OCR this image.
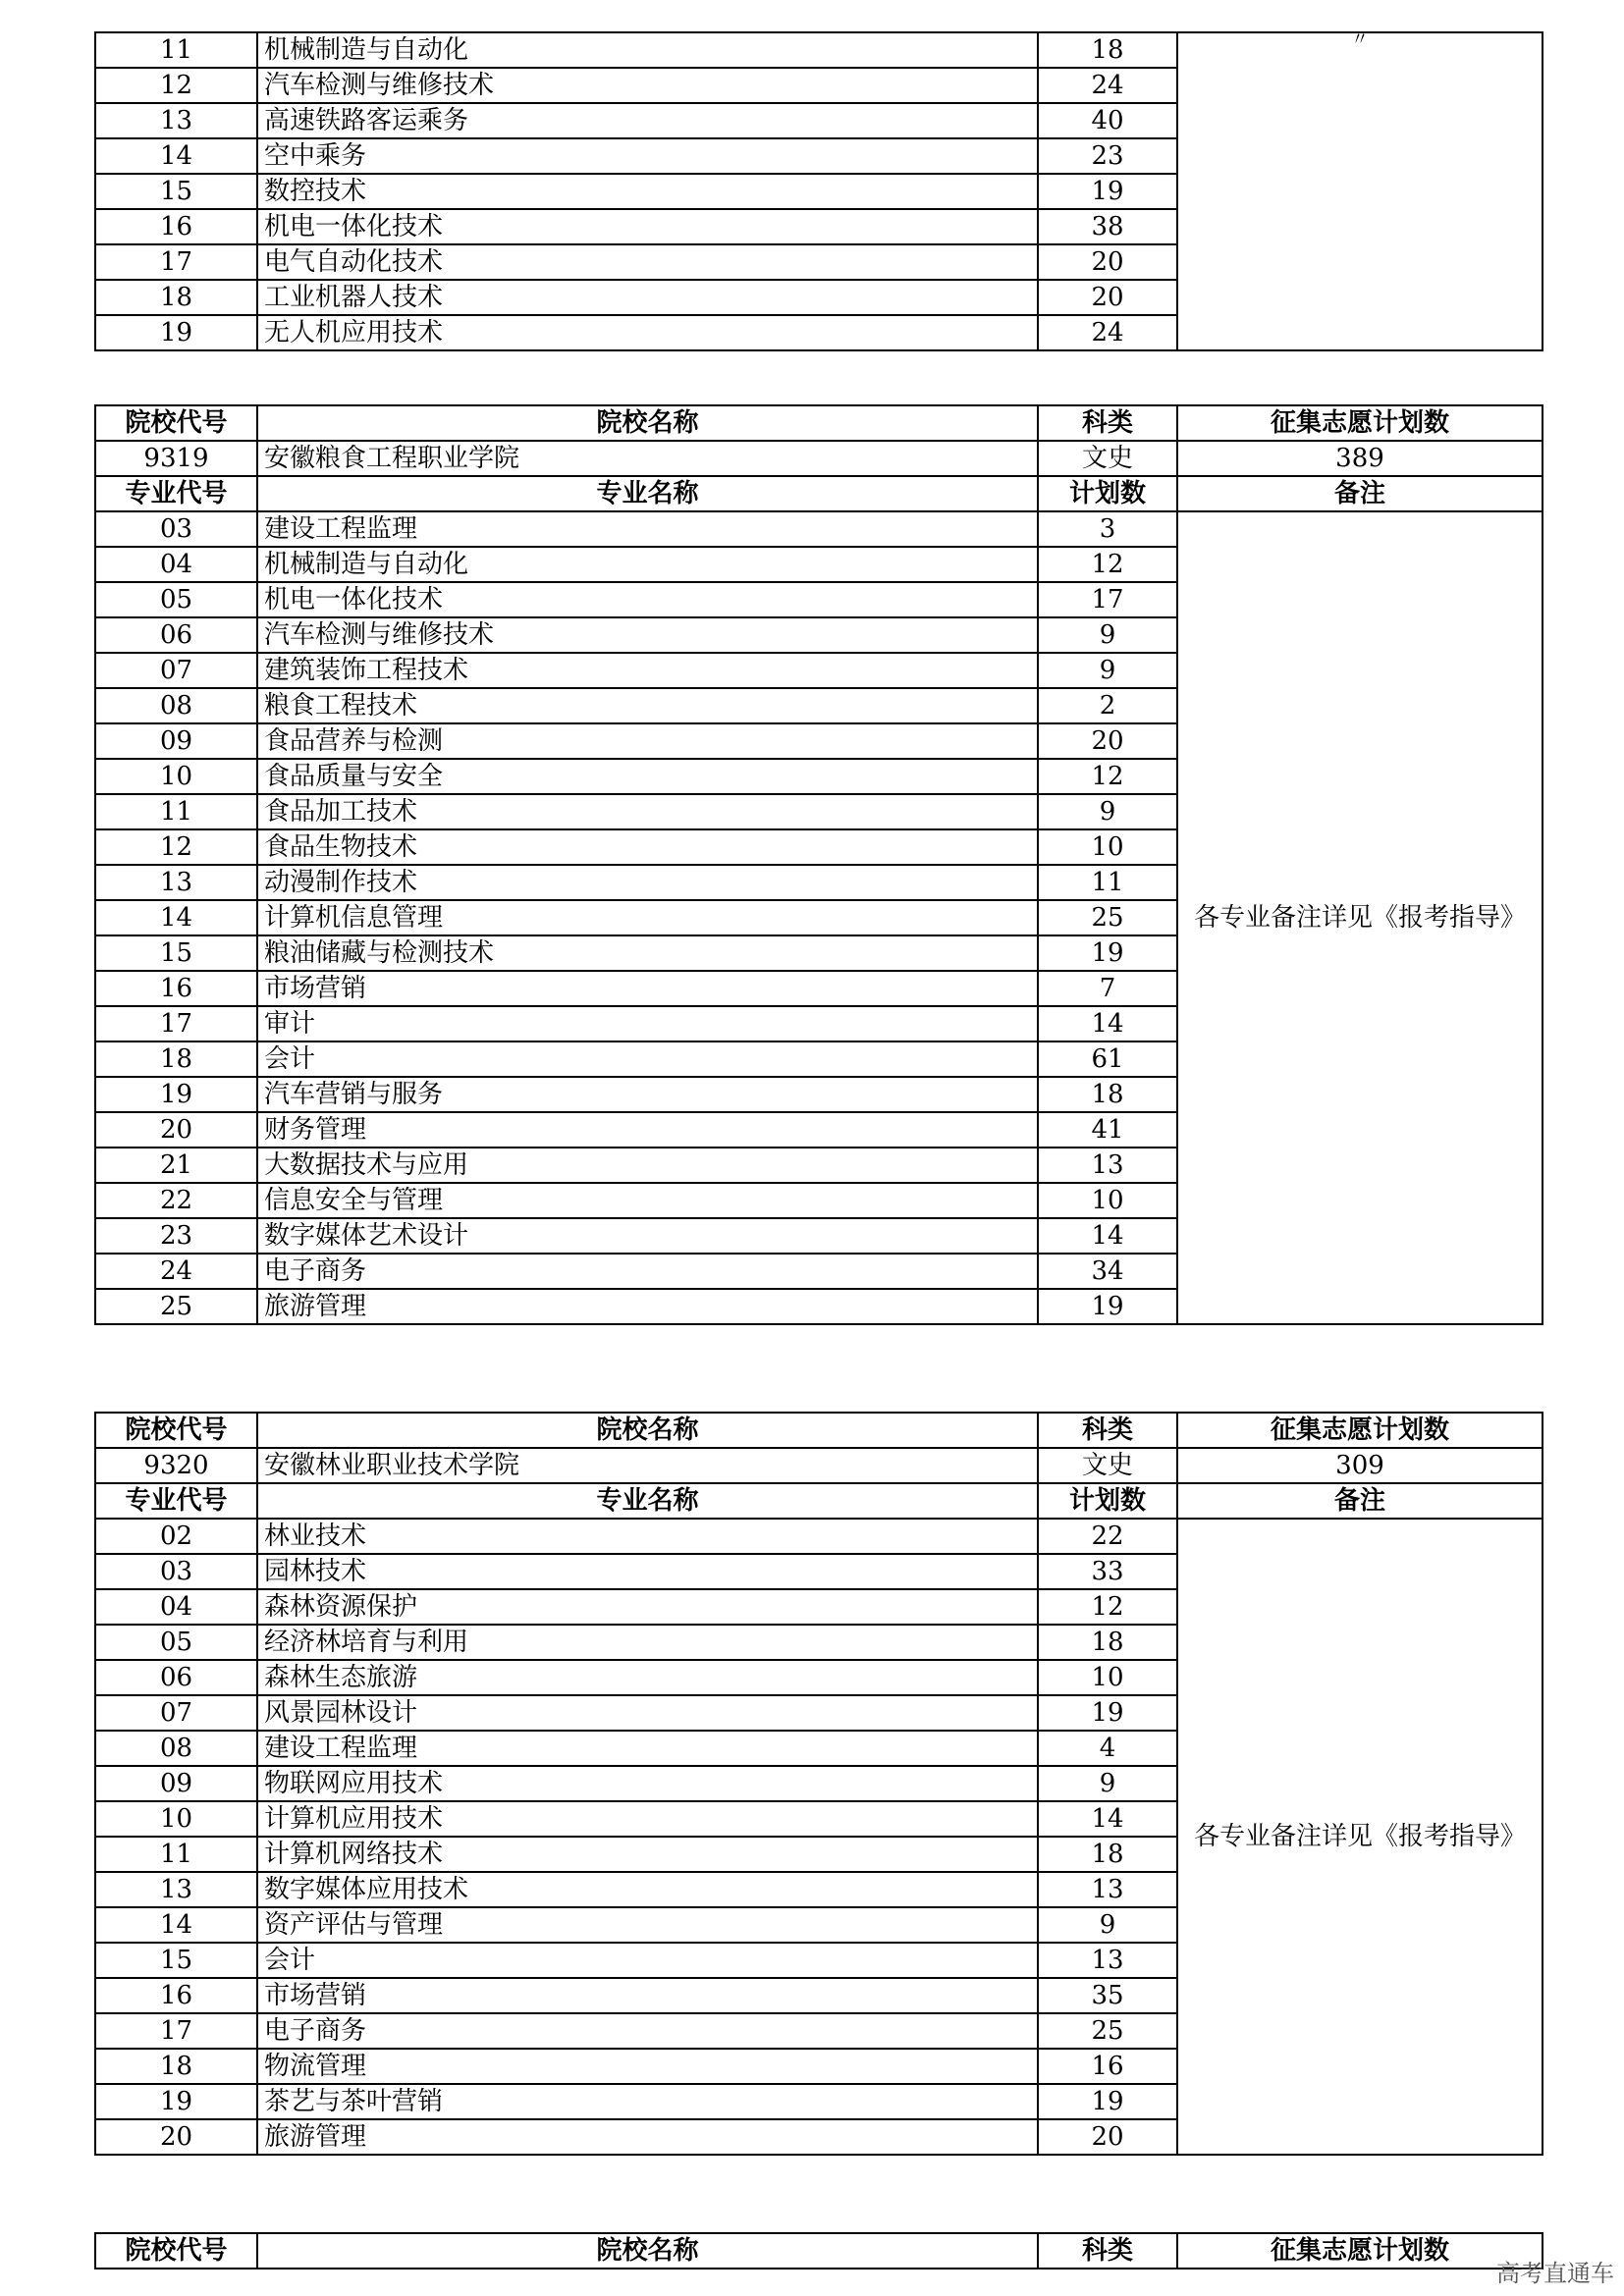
11	机械制造与自动化	18	
12	汽车检测与维修技术	24	
13	高速铁路客运乘务	40	
14	空中乘务	23	
15	数控技术	19	
16	机电一体化技术	38	
17	电气自动化技术	20	
18	工业机器人技术	20	
19	无人机应用技术	24	
〃
院校代号	院校名称	科类	征集志愿计划数
9319	安徽粮食工程职业学院	文史	389
专业代号	专业名称	计划数	备注
03	建设工程监理	3	各专业备注详见《报考指导》
04	机械制造与自动化	12	
05	机电一体化技术	17	
06	汽车检测与维修技术	9	
07	建筑装饰工程技术	9	
08	粮食工程技术	2	
09	食品营养与检测	20	
10	食品质量与安全	12	
11	食品加工技术	9	
12	食品生物技术	10	
13	动漫制作技术	11	
14	计算机信息管理	25	
15	粮油储藏与检测技术	19	
16	市场营销	7	
17	审计	14	
18	会计	61	
19	汽车营销与服务	18	
20	财务管理	41	
21	大数据技术与应用	13	
22	信息安全与管理	10	
23	数字媒体艺术设计	14	
24	电子商务	34	
25	旅游管理	19	
院校代号	院校名称	科类	征集志愿计划数
9320	安徽林业职业技术学院	文史	309
专业代号	专业名称	计划数	备注
02	林业技术	22	各专业备注详见《报考指导》
03	园林技术	33	
04	森林资源保护	12	
05	经济林培育与利用	18	
06	森林生态旅游	10	
07	风景园林设计	19	
08	建设工程监理	4	
09	物联网应用技术	9	
10	计算机应用技术	14	
11	计算机网络技术	18	
13	数字媒体应用技术	13	
14	资产评估与管理	9	
15	会计	13	
16	市场营销	35	
17	电子商务	25	
18	物流管理	16	
19	茶艺与茶叶营销	19	
20	旅游管理	20	
院校代号	院校名称	科类	征集志愿计划数
高考直通车
